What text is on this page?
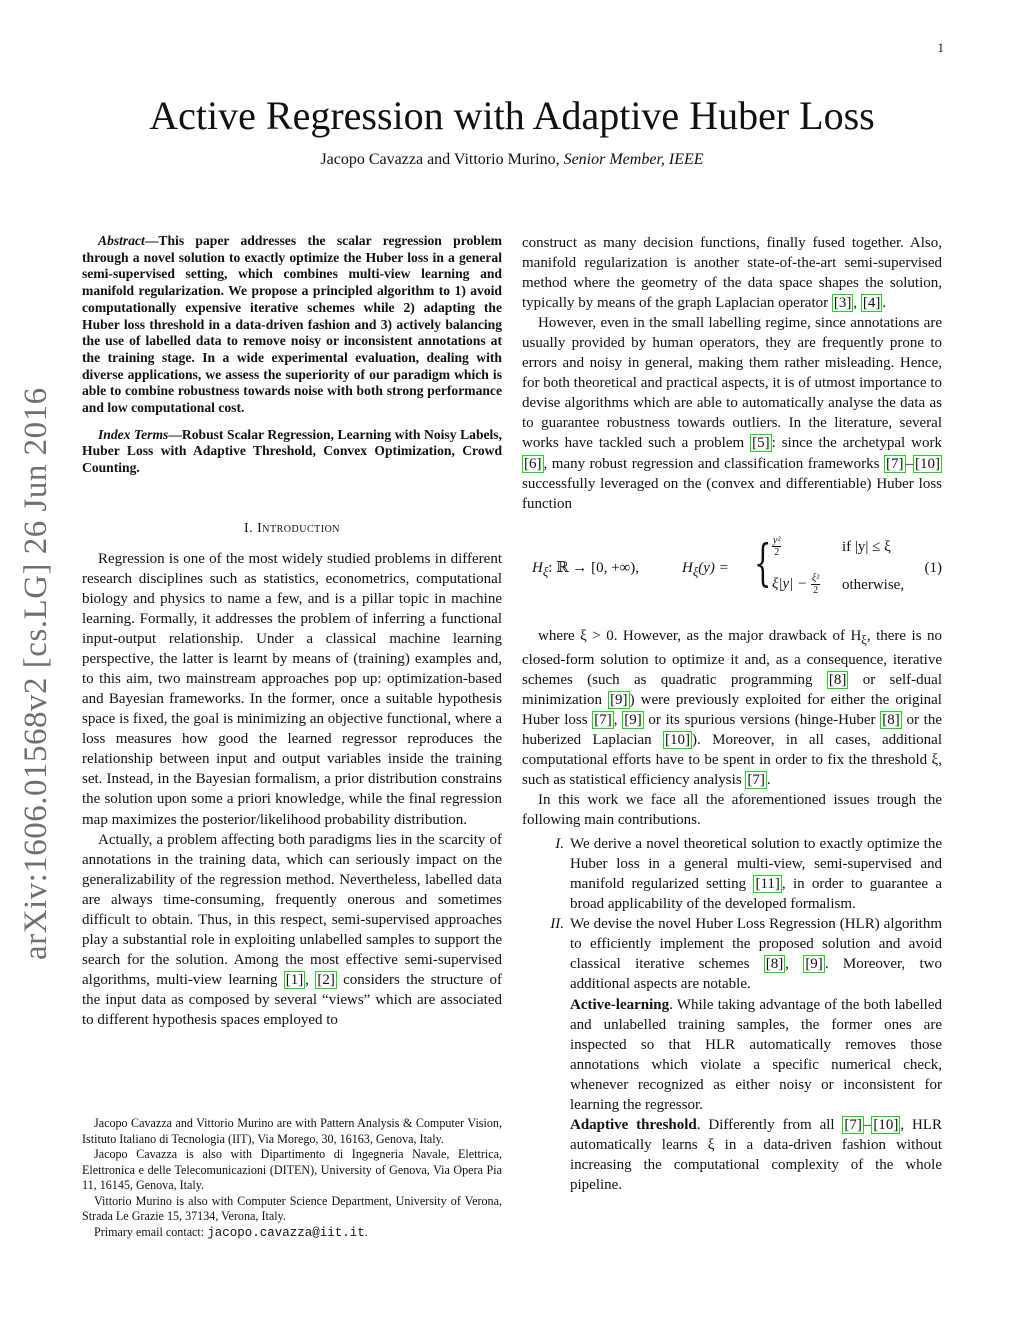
1
arXiv:1606.01568v2 [cs.LG] 26 Jun 2016
Active Regression with Adaptive Huber Loss
Jacopo Cavazza and Vittorio Murino, Senior Member, IEEE

Abstract—This paper addresses the scalar regression problem through a novel solution to exactly optimize the Huber loss in a general semi-supervised setting, which combines multi-view learning and manifold regularization. We propose a principled algorithm to 1) avoid computationally expensive iterative schemes while 2) adapting the Huber loss threshold in a data-driven fashion and 3) actively balancing the use of labelled data to remove noisy or inconsistent annotations at the training stage. In a wide experimental evaluation, dealing with diverse applications, we assess the superiority of our paradigm which is able to combine robustness towards noise with both strong performance and low computational cost.

Index Terms—Robust Scalar Regression, Learning with Noisy Labels, Huber Loss with Adaptive Threshold, Convex Optimization, Crowd Counting.

I. Introduction

Regression is one of the most widely studied problems in different research disciplines such as statistics, econometrics, computational biology and physics to name a few, and is a pillar topic in machine learning. Formally, it addresses the problem of inferring a functional input-output relationship. Under a classical machine learning perspective, the latter is learnt by means of (training) examples and, to this aim, two mainstream approaches pop up: optimization-based and Bayesian frameworks. In the former, once a suitable hypothesis space is fixed, the goal is minimizing an objective functional, where a loss measures how good the learned regressor reproduces the relationship between input and output variables inside the training set. Instead, in the Bayesian formalism, a prior distribution constrains the solution upon some a priori knowledge, while the final regression map maximizes the posterior/likelihood probability distribution.

Actually, a problem affecting both paradigms lies in the scarcity of annotations in the training data, which can seriously impact on the generalizability of the regression method. Nevertheless, labelled data are always time-consuming, frequently onerous and sometimes difficult to obtain. Thus, in this respect, semi-supervised approaches play a substantial role in exploiting unlabelled samples to support the search for the solution. Among the most effective semi-supervised algorithms, multi-view learning [1] , [2] considers the structure of the input data as composed by several “views” which are associated to different hypothesis spaces employed to

Jacopo Cavazza and Vittorio Murino are with Pattern Analysis & Computer Vision, Istituto Italiano di Tecnologia (IIT), Via Morego, 30, 16163, Genova, Italy.

Jacopo Cavazza is also with Dipartimento di Ingegneria Navale, Elettrica, Elettronica e delle Telecomunicazioni (DITEN), University of Genova, Via Opera Pia 11, 16145, Genova, Italy.

Vittorio Murino is also with Computer Science Department, University of Verona, Strada Le Grazie 15, 37134, Verona, Italy.

Primary email contact: jacopo.cavazza@iit.it.

construct as many decision functions, finally fused together. Also, manifold regularization is another state-of-the-art semi-supervised method where the geometry of the data space shapes the solution, typically by means of the graph Laplacian operator [3] , [4] .

However, even in the small labelling regime, since annotations are usually provided by human operators, they are frequently prone to errors and noisy in general, making them rather misleading. Hence, for both theoretical and practical aspects, it is of utmost importance to devise algorithms which are able to automatically analyse the data as to guarantee robustness towards outliers. In the literature, several works have tackled such a problem [5] : since the archetypal work [6] , many robust regression and classification frameworks [7] – [10] successfully leveraged on the (convex and differentiable) Huber loss function

$H_\xi$: ℝ → [0, +∞),	$H_\xi(y)$ = { $\frac{\text{y²}}{2}$
$\xi|y| - \frac{\text{ξ²}}{2}$
if |y| ≤ ξ
otherwise,
(1)

where ξ > 0. However, as the major drawback of $H_\xi$, there is no closed-form solution to optimize it and, as a consequence, iterative schemes (such as quadratic programming [8] or self-dual minimization [9] ) were previously exploited for either the original Huber loss [7] , [9] or its spurious versions (hinge-Huber [8] or the huberized Laplacian [10] ). Moreover, in all cases, additional computational efforts have to be spent in order to fix the threshold ξ, such as statistical efficiency analysis [7] .

In this work we face all the aforementioned issues trough the following main contributions.

I. We derive a novel theoretical solution to exactly optimize the Huber loss in a general multi-view, semi-supervised and manifold regularized setting [11] , in order to guarantee a broad applicability of the developed formalism.

II. We devise the novel Huber Loss Regression (HLR) algorithm to efficiently implement the proposed solution and avoid classical iterative schemes [8] , [9] . Moreover, two additional aspects are notable.

Active-learning. While taking advantage of the both labelled and unlabelled training samples, the former ones are inspected so that HLR automatically removes those annotations which violate a specific numerical check, whenever recognized as either noisy or inconsistent for learning the regressor.

Adaptive threshold. Differently from all [7] – [10] , HLR automatically learns ξ in a data-driven fashion without increasing the computational complexity of the whole pipeline.
